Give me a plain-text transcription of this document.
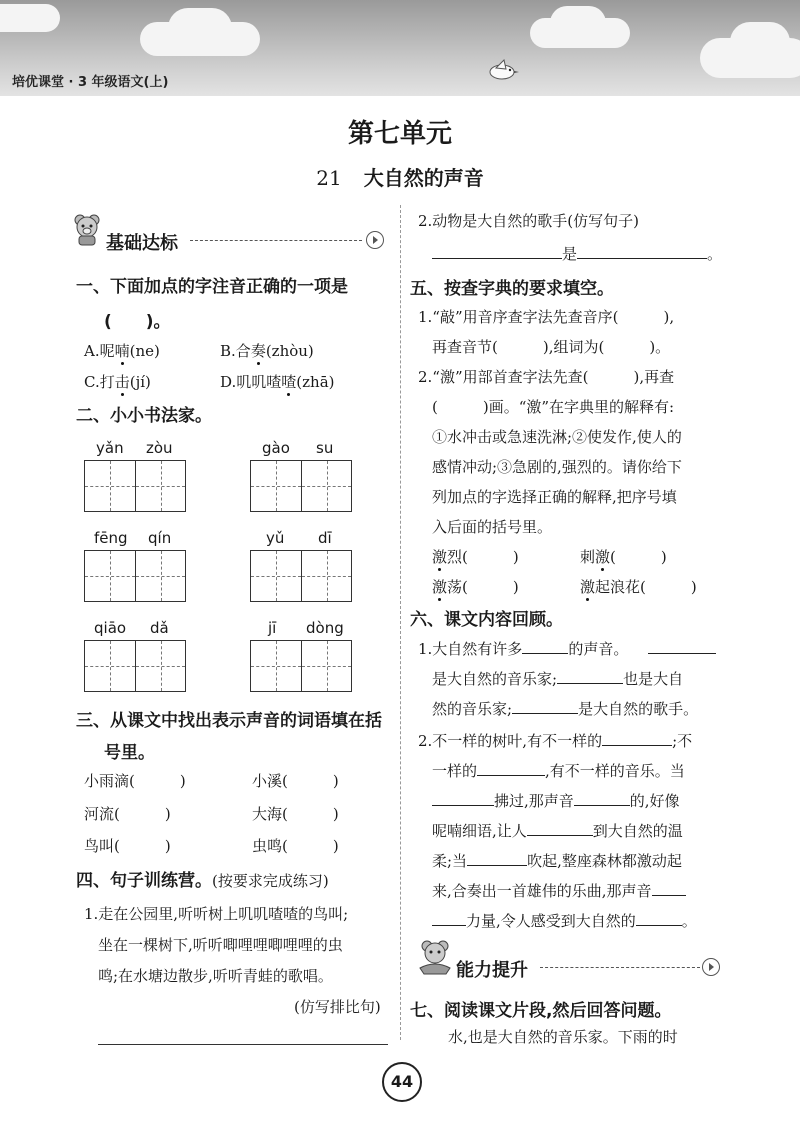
培优课堂 · 3 年级语文(上)
第七单元
21 大自然的声音
基础达标
一、下面加点的字注音正确的一项是
(　　)。
A.呢喃(ne)	B.合奏(zhòu)
C.打击(jí)	D.叽叽喳喳(zhā)
二、小小书法家。
yǎn zòu	gào su
fēng qín	yǔ dī
qiāo dǎ	jī dòng
三、从课文中找出表示声音的词语填在括
号里。
小雨滴(　　　)	小溪(　　　)
河流(　　　)	大海(　　　)
鸟叫(　　　)	虫鸣(　　　)
四、句子训练营。(按要求完成练习)
1.走在公园里,听听树上叽叽喳喳的鸟叫;
坐在一棵树下,听听唧哩哩唧哩哩的虫
鸣;在水塘边散步,听听青蛙的歌唱。
(仿写排比句)
2.动物是大自然的歌手(仿写句子)
是	。
五、按查字典的要求填空。
1.“敲”用音序查字法先查音序(　　　),
再查音节(　　　),组词为(　　　)。
2.“激”用部首查字法先查(　　　),再查
(　　　)画。“激”在字典里的解释有:
①水冲击或急速洗淋;②使发作,使人的
感情冲动;③急剧的,强烈的。请你给下
列加点的字选择正确的解释,把序号填
入后面的括号里。
激烈(　　　)	刺激(　　　)
激荡(　　　)	激起浪花(　　　)
六、课文内容回顾。
1.大自然有许多	的声音。
是大自然的音乐家;	也是大自
然的音乐家;	是大自然的歌手。
2.不一样的树叶,有不一样的	;不
一样的	,有不一样的音乐。当
拂过,那声音	的,好像
呢喃细语,让人	到大自然的温
柔;当	吹起,整座森林都激动起
来,合奏出一首雄伟的乐曲,那声音
力量,令人感受到大自然的	。
能力提升
七、阅读课文片段,然后回答问题。
水,也是大自然的音乐家。下雨的时
44
